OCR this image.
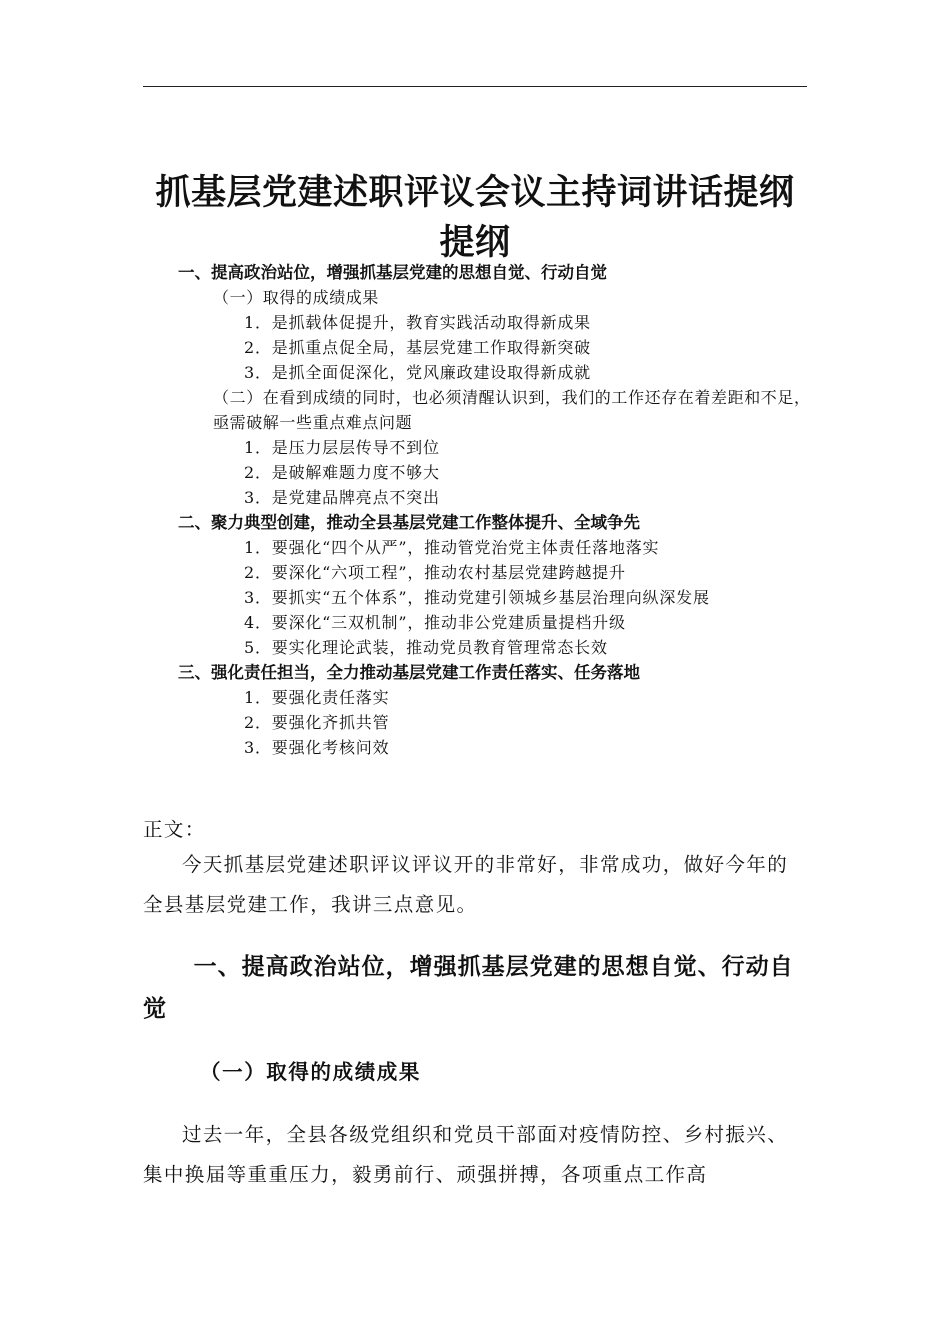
抓基层党建述职评议会议主持词讲话提纲提纲
一、提高政治站位，增强抓基层党建的思想自觉、行动自觉
（一）取得的成绩成果
1．是抓载体促提升，教育实践活动取得新成果
2．是抓重点促全局，基层党建工作取得新突破
3．是抓全面促深化，党风廉政建设取得新成就
（二）在看到成绩的同时，也必须清醒认识到，我们的工作还存在着差距和不足，亟需破解一些重点难点问题
1．是压力层层传导不到位
2．是破解难题力度不够大
3．是党建品牌亮点不突出
二、聚力典型创建，推动全县基层党建工作整体提升、全域争先
1．要强化“四个从严”，推动管党治党主体责任落地落实
2．要深化“六项工程”，推动农村基层党建跨越提升
3．要抓实“五个体系”，推动党建引领城乡基层治理向纵深发展
4．要深化“三双机制”，推动非公党建质量提档升级
5．要实化理论武装，推动党员教育管理常态长效
三、强化责任担当，全力推动基层党建工作责任落实、任务落地
1．要强化责任落实
2．要强化齐抓共管
3．要强化考核问效
正文：

今天抓基层党建述职评议评议开的非常好，非常成功，做好今年的全县基层党建工作，我讲三点意见。

一、提高政治站位，增强抓基层党建的思想自觉、行动自觉
（一）取得的成绩成果

过去一年，全县各级党组织和党员干部面对疫情防控、乡村振兴、集中换届等重重压力，毅勇前行、顽强拼搏，各项重点工作高
